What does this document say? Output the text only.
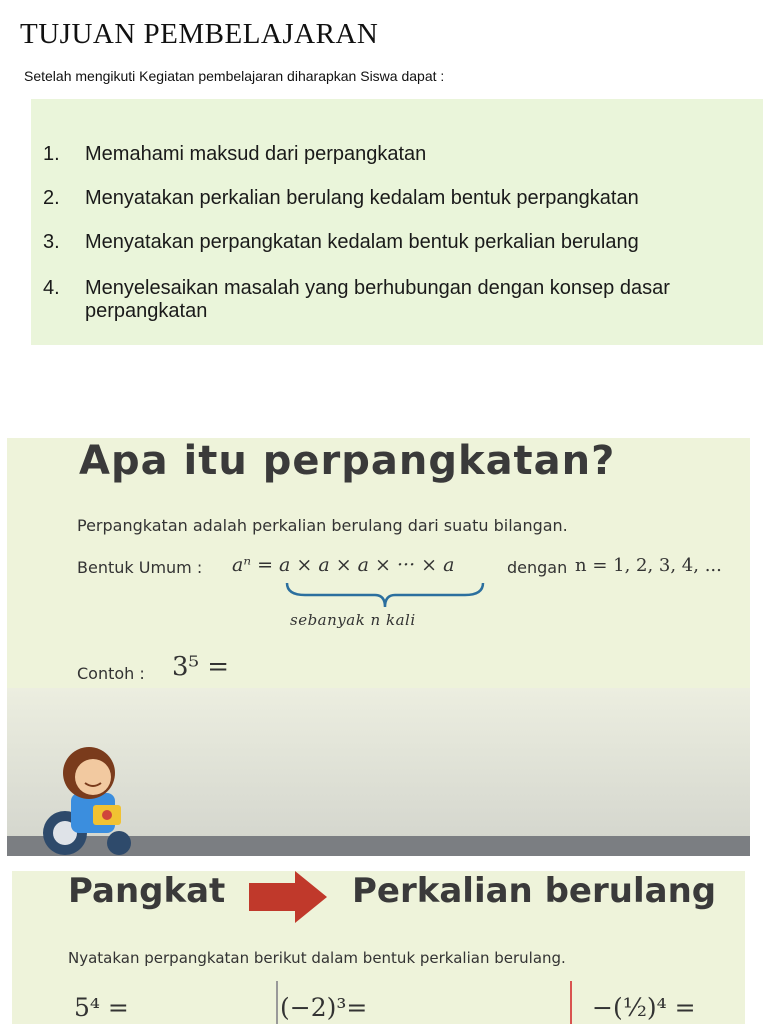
TUJUAN PEMBELAJARAN
Setelah mengikuti Kegiatan pembelajaran diharapkan Siswa dapat :
1.	Memahami maksud dari perpangkatan
2.	Menyatakan perkalian berulang kedalam bentuk perpangkatan
3.	Menyatakan perpangkatan kedalam bentuk perkalian berulang
4.	Menyelesaikan masalah yang berhubungan dengan konsep dasar perpangkatan
Apa itu perpangkatan?
Perpangkatan adalah perkalian berulang dari suatu bilangan.
Bentuk Umum : aⁿ = a × a × a × ··· × a	dengan n = 1, 2, 3, 4, ...
sebanyak n kali
Contoh : 3⁵ =
Pangkat	Perkalian berulang
Nyatakan perpangkatan berikut dalam bentuk perkalian berulang.
5⁴ =	(−2)³=	−(½)⁴ =
